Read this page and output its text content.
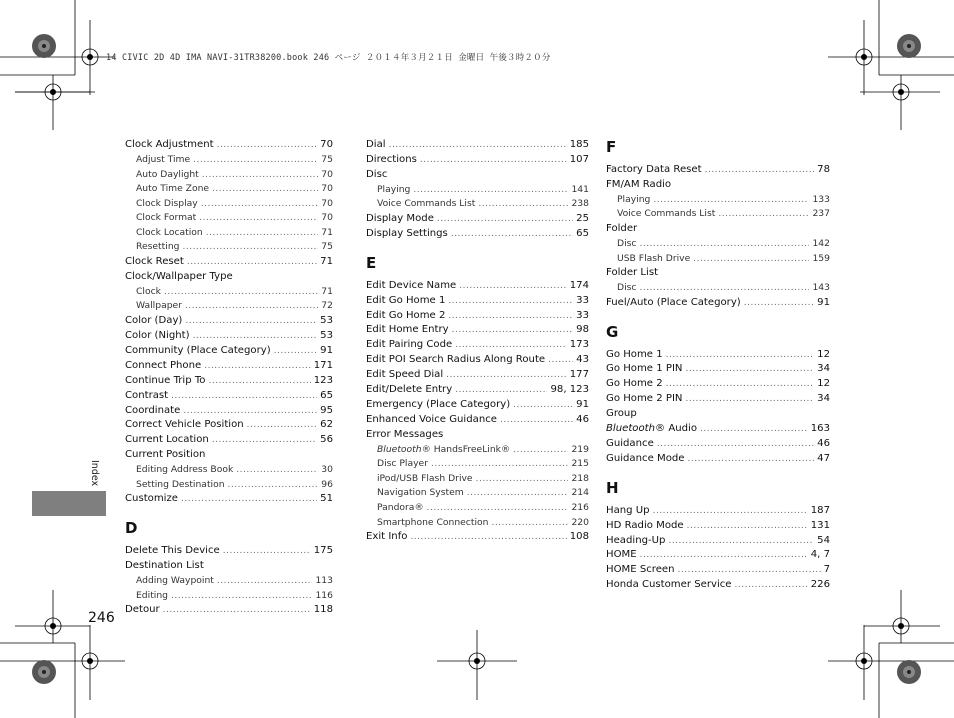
14 CIVIC 2D 4D IMA NAVI-31TR38200.book 246 ページ ２０１４年３月２１日 金曜日 午後３時２０分
Index
246
Clock Adjustment .....	70
Adjust Time .....	75
Auto Daylight .....	70
Auto Time Zone .....	70
Clock Display .....	70
Clock Format .....	70
Clock Location .....	71
Resetting .....	75
Clock Reset .....	71
Clock/Wallpaper Type
Clock .....	71
Wallpaper .....	72
Color (Day) .....	53
Color (Night) .....	53
Community (Place Category) .....	91
Connect Phone .....	171
Continue Trip To .....	123
Contrast .....	65
Coordinate .....	95
Correct Vehicle Position .....	62
Current Location .....	56
Current Position
Editing Address Book .....	30
Setting Destination .....	96
Customize .....	51
D
Delete This Device .....	175
Destination List
Adding Waypoint .....	113
Editing .....	116
Detour .....	118
Dial .....	185
Directions .....	107
Disc
Playing .....	141
Voice Commands List .....	238
Display Mode .....	25
Display Settings .....	65
E
Edit Device Name .....	174
Edit Go Home 1 .....	33
Edit Go Home 2 .....	33
Edit Home Entry .....	98
Edit Pairing Code .....	173
Edit POI Search Radius Along Route .....	43
Edit Speed Dial .....	177
Edit/Delete Entry .....	98, 123
Emergency (Place Category) .....	91
Enhanced Voice Guidance .....	46
Error Messages
Bluetooth® HandsFreeLink® .....	219
Disc Player .....	215
iPod/USB Flash Drive .....	218
Navigation System .....	214
Pandora® .....	216
Smartphone Connection .....	220
Exit Info .....	108
F
Factory Data Reset .....	78
FM/AM Radio
Playing .....	133
Voice Commands List .....	237
Folder
Disc .....	142
USB Flash Drive .....	159
Folder List
Disc .....	143
Fuel/Auto (Place Category) .....	91
G
Go Home 1 .....	12
Go Home 1 PIN .....	34
Go Home 2 .....	12
Go Home 2 PIN .....	34
Group
Bluetooth® Audio .....	163
Guidance .....	46
Guidance Mode .....	47
H
Hang Up .....	187
HD Radio Mode .....	131
Heading-Up .....	54
HOME .....	4, 7
HOME Screen .....	7
Honda Customer Service .....	226
